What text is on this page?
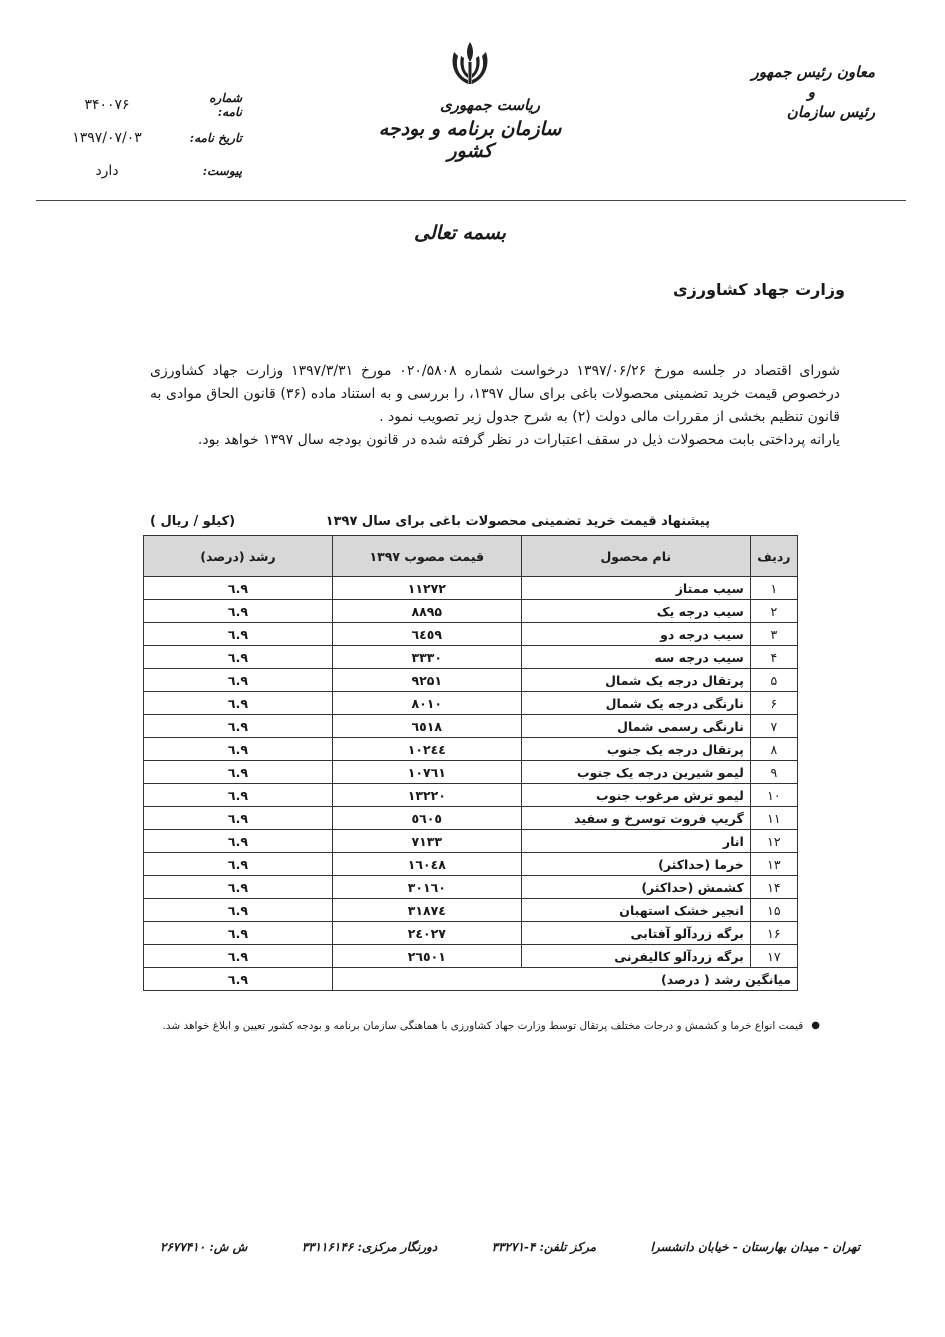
معاون رئیس جمهور
و
رئیس سازمان
ریاست جمهوری
سازمان برنامه و بودجه کشور
شماره نامه:
۳۴۰۰۷۶
تاریخ نامه:
۱۳۹۷/۰۷/۰۳
پیوست:
دارد
بسمه تعالی
وزارت جهاد کشاورزی

شورای اقتصاد در جلسه مورخ ۱۳۹۷/۰۶/۲۶ درخواست شماره ۰۲۰/۵۸۰۸ مورخ ۱۳۹۷/۳/۳۱ وزارت جهاد کشاورزی درخصوص قیمت خرید تضمینی محصولات باغی برای سال ۱۳۹۷، را بررسی و به استناد ماده (۳۶) قانون الحاق موادی به قانون تنظیم بخشی از مقررات مالی دولت (۲) به شرح جدول زیر تصویب نمود .

یارانه پرداختی بابت محصولات ذیل در سقف اعتبارات در نظر گرفته شده در قانون بودجه سال ۱۳۹۷ خواهد بود.

پیشنهاد قیمت خرید تضمینی محصولات باغی برای سال ۱۳۹۷
(کیلو / ریال )
ردیف	نام محصول	قیمت مصوب ۱۳۹۷	رشد (درصد)
۱	سیب ممتاز	۱۱۲۷۲	۹.٦
۲	سیب درجه یک	۸۸۹۵	۹.٦
۳	سیب درجه دو	٦٤٥٩	۹.٦
۴	سیب درجه سه	۳۳۳۰	۹.٦
۵	پرتقال درجه یک شمال	۹۲۵۱	۹.٦
۶	نارنگی درجه یک شمال	۸۰۱۰	۹.٦
۷	نارنگی رسمی شمال	٦٥١٨	۹.٦
۸	پرتقال درجه یک جنوب	۱۰۲٤٤	۹.٦
۹	لیمو شیرین درجه یک جنوب	۱۰۷٦۱	۹.٦
۱۰	لیمو ترش مرغوب جنوب	۱۳۲۲۰	۹.٦
۱۱	گریپ فروت توسرخ و سفید	٥٦٠٥	۹.٦
۱۲	انار	۷۱۳۳	۹.٦
۱۳	خرما (حداکثر)	۱٦۰٤۸	۹.٦
۱۴	کشمش (حداکثر)	۳۰۱٦۰	۹.٦
۱۵	انجیر خشک استهبان	۳۱۸۷٤	۹.٦
۱۶	برگه زردآلو آفتابی	۲٤۰۲۷	۹.٦
۱۷	برگه زردآلو کالیفرنی	۲٦٥۰۱	۹.٦
میانگین رشد ( درصد)			۹.٦
●
قیمت انواع خرما و کشمش و درجات مختلف پرتقال توسط وزارت جهاد کشاورزی با هماهنگی سازمان برنامه و بودجه کشور تعیین و ابلاغ خواهد شد.
تهران - میدان بهارستان - خیابان دانشسرا
مرکز تلفن: ۴-۳۳۲۷۱
دورنگار مرکزی: ۳۳۱۱۶۱۴۶
ش ش: ۲۶۷۷۴۱۰
